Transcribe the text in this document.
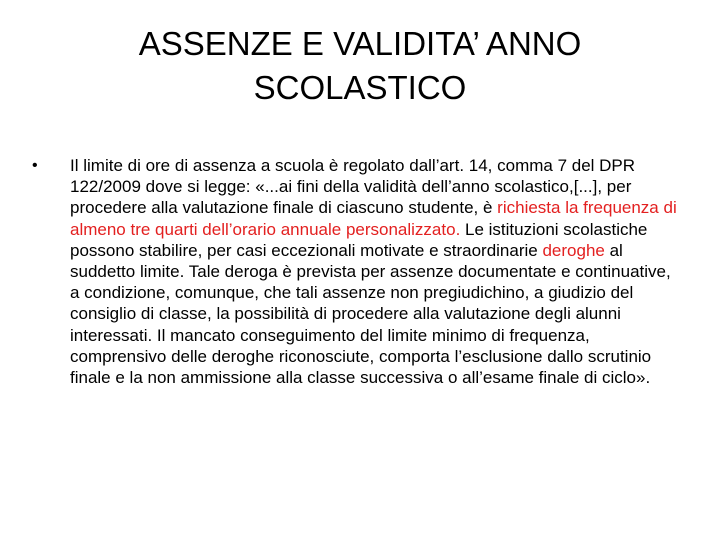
ASSENZE E VALIDITA’ ANNO
SCOLASTICO
•	Il limite di ore di assenza a scuola è regolato dall’art. 14, comma 7 del DPR 122/2009 dove si legge: «...ai fini della validità dell’anno scolastico,[...], per procedere alla valutazione finale di ciascuno studente, è richiesta la frequenza di almeno tre quarti dell’orario annuale personalizzato. Le istituzioni scolastiche possono stabilire, per casi eccezionali motivate e straordinarie deroghe al suddetto limite. Tale deroga è prevista per assenze documentate e continuative, a condizione, comunque, che tali assenze non pregiudichino, a giudizio del consiglio di classe, la possibilità di procedere alla valutazione degli alunni interessati. Il mancato conseguimento del limite minimo di frequenza, comprensivo delle deroghe riconosciute, comporta l’esclusione dallo scrutinio finale e la non ammissione alla classe successiva o all’esame finale di ciclo».
